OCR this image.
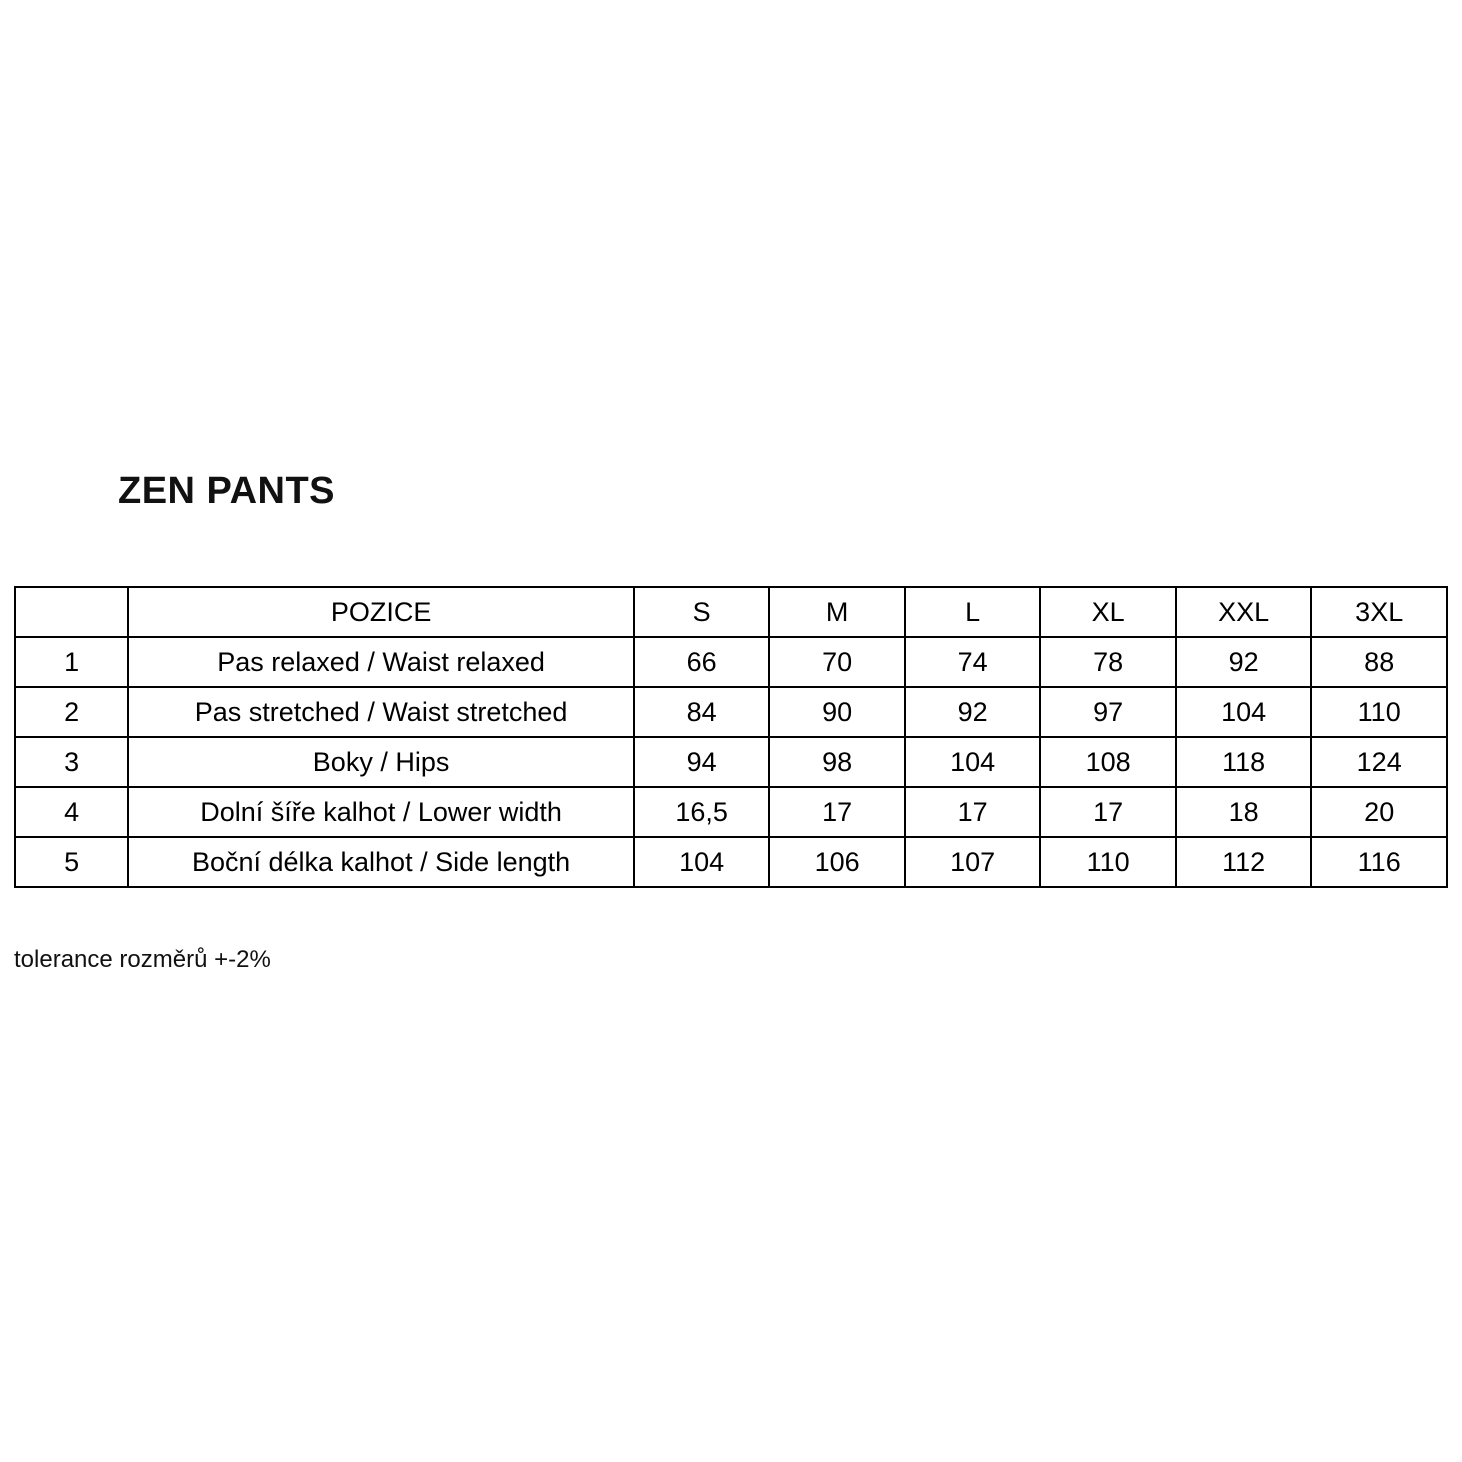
ZEN PANTS
	POZICE	S	M	L	XL	XXL	3XL
1	Pas relaxed / Waist relaxed	66	70	74	78	92	88
2	Pas stretched / Waist stretched	84	90	92	97	104	110
3	Boky / Hips	94	98	104	108	118	124
4	Dolní šíře kalhot / Lower width	16,5	17	17	17	18	20
5	Boční délka kalhot / Side length	104	106	107	110	112	116
tolerance rozměrů +-2%
